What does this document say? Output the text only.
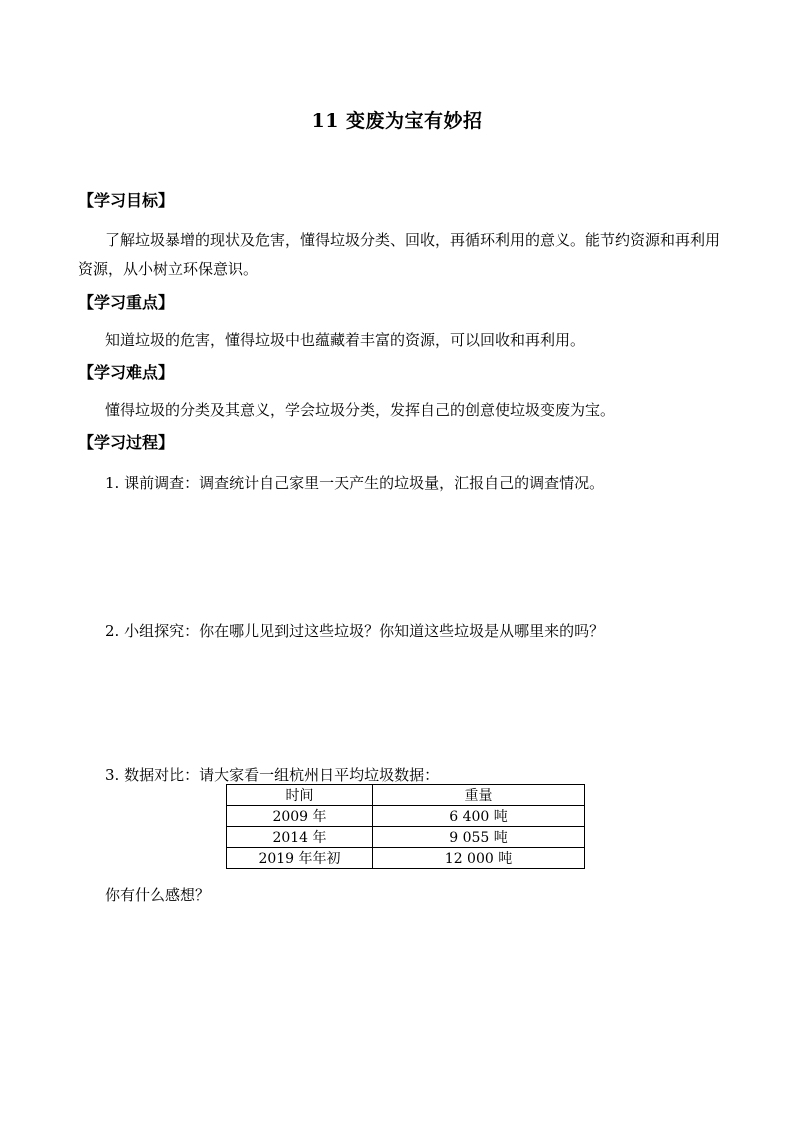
11 变废为宝有妙招
【学习目标】
了解垃圾暴增的现状及危害，懂得垃圾分类、回收，再循环利用的意义。能节约资源和再利用资源，从小树立环保意识。
【学习重点】
知道垃圾的危害，懂得垃圾中也蕴藏着丰富的资源，可以回收和再利用。
【学习难点】
懂得垃圾的分类及其意义，学会垃圾分类，发挥自己的创意使垃圾变废为宝。
【学习过程】
1. 课前调查：调查统计自己家里一天产生的垃圾量，汇报自己的调查情况。
2. 小组探究：你在哪儿见到过这些垃圾？你知道这些垃圾是从哪里来的吗？
3. 数据对比：请大家看一组杭州日平均垃圾数据：
时间	重量
2009 年	6 400 吨
2014 年	9 055 吨
2019 年年初	12 000 吨
你有什么感想？
